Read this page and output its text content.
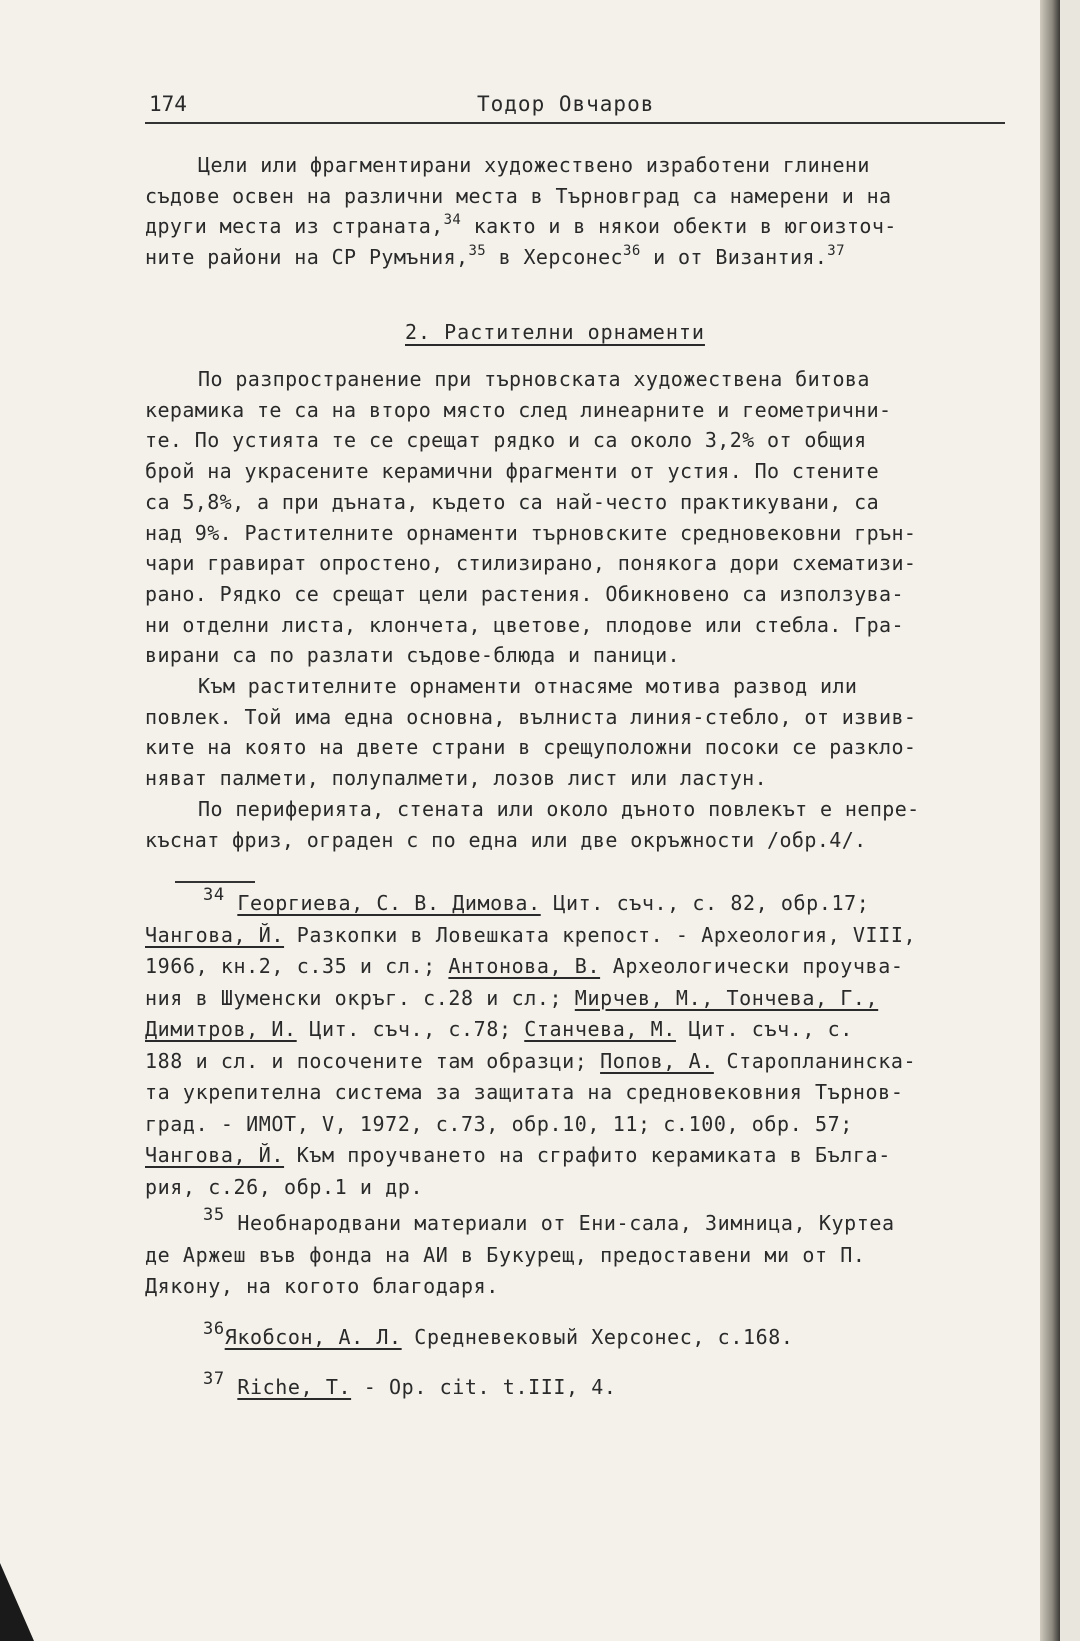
174	Тодор Овчаров
Цели или фрагментирани художествено изработени глинени
съдове освен на различни места в Търновград са намерени и на
други места из страната,$^{34}$ както и в някои обекти в югоизточ-
ните райони на СР Румъния,$^{35}$ в Херсонес$^{36}$ и от Византия.$^{37}$
2. Растителни орнаменти
По разпространение при търновската художествена битова
керамика те са на второ място след линеарните и геометрични-
те. По устията те се срещат рядко и са около 3,2% от общия
брой на украсените керамични фрагменти от устия. По стените
са 5,8%, а при дъната, където са най-често практикувани, са
над 9%. Растителните орнаменти търновските средновековни грън-
чари гравират опростено, стилизирано, понякога дори схематизи-
рано. Рядко се срещат цели растения. Обикновено са използува-
ни отделни листа, клончета, цветове, плодове или стебла. Гра-
вирани са по разлати съдове-блюда и паници.
Към растителните орнаменти отнасяме мотива развод или
повлек. Той има една основна, вълниста линия-стебло, от извив-
ките на която на двете страни в срещуположни посоки се разкло-
няват палмети, полупалмети, лозов лист или ластун.
По периферията, стената или около дъното повлекът е непре-
къснат фриз, ограден с по една или две окръжности /обр.4/.
$^{34}$ Георгиева, С. В. Димова. Цит. съч., с. 82, обр.17;
Чангова, Й. Разкопки в Ловешката крепост. - Археология, VIII,
1966, кн.2, с.35 и сл.; Антонова, В. Археологически проучва-
ния в Шуменски окръг. с.28 и сл.; Мирчев, М., Тончева, Г.,
Димитров, И. Цит. съч., с.78; Станчева, М. Цит. съч., с.
188 и сл. и посочените там образци; Попов, А. Старопланинска-
та укрепителна система за защитата на средновековния Търнов-
град. - ИМОТ, V, 1972, с.73, обр.10, 11; с.100, обр. 57;
Чангова, Й. Към проучването на сграфито керамиката в Бълга-
рия, с.26, обр.1 и др.
$^{35}$ Необнародвани материали от Ени-сала, Зимница, Куртеа
де Аржеш във фонда на АИ в Букурещ, предоставени ми от П.
Дякону, на когото благодаря.
$^{36}$Якобсон, А. Л. Средневековый Херсонес, с.168.
$^{37}$ Riche, T. - Op. cit. t.III, 4.
